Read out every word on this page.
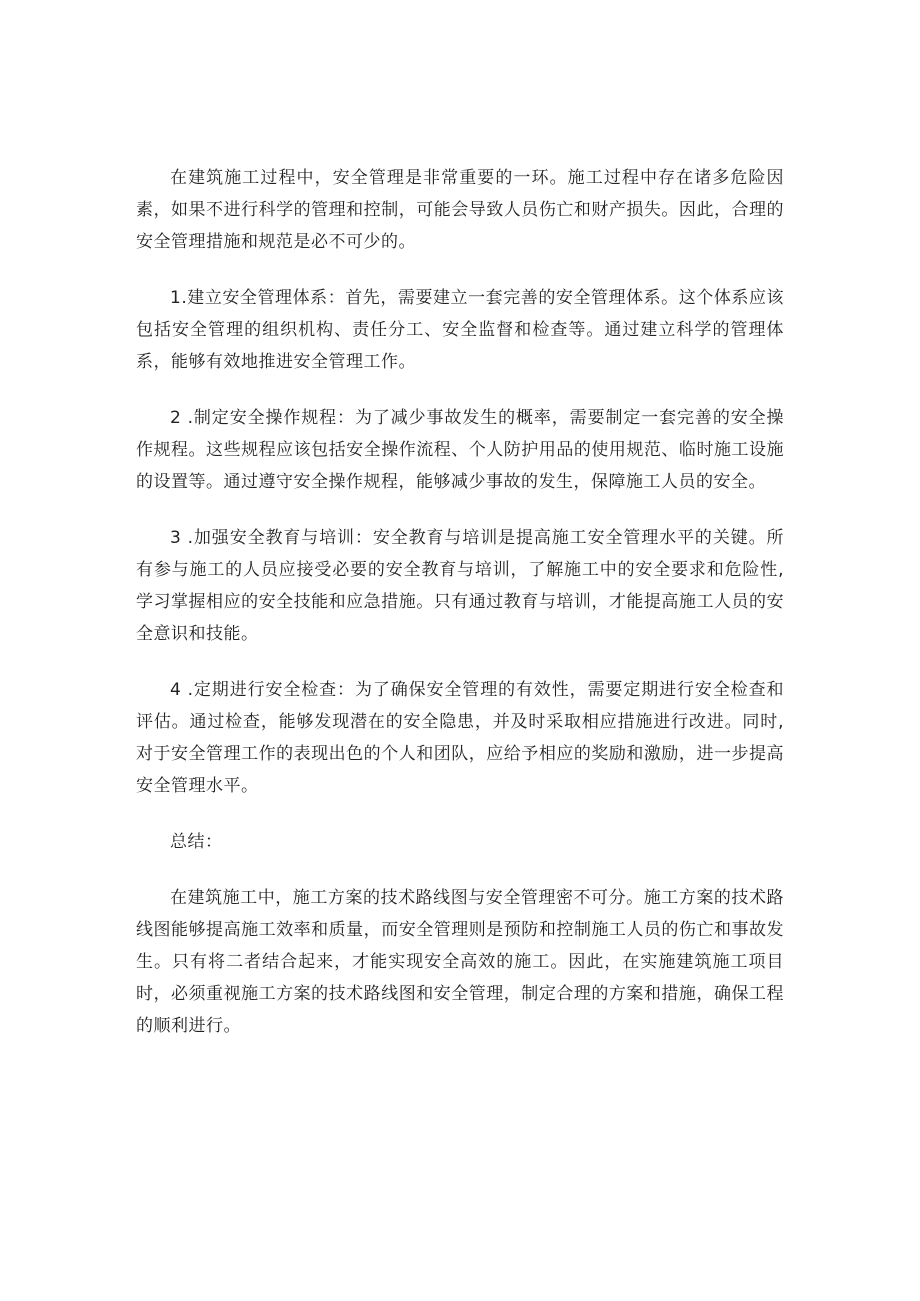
在建筑施工过程中，安全管理是非常重要的一环。施工过程中存在诸多危险因素，如果不进行科学的管理和控制，可能会导致人员伤亡和财产损失。因此，合理的安全管理措施和规范是必不可少的。

1.建立安全管理体系：首先，需要建立一套完善的安全管理体系。这个体系应该包括安全管理的组织机构、责任分工、安全监督和检查等。通过建立科学的管理体系，能够有效地推进安全管理工作。

2 .制定安全操作规程：为了减少事故发生的概率，需要制定一套完善的安全操作规程。这些规程应该包括安全操作流程、个人防护用品的使用规范、临时施工设施的设置等。通过遵守安全操作规程，能够减少事故的发生，保障施工人员的安全。

3 .加强安全教育与培训：安全教育与培训是提高施工安全管理水平的关键。所有参与施工的人员应接受必要的安全教育与培训，了解施工中的安全要求和危险性,学习掌握相应的安全技能和应急措施。只有通过教育与培训，才能提高施工人员的安全意识和技能。

4 .定期进行安全检查：为了确保安全管理的有效性，需要定期进行安全检查和评估。通过检查，能够发现潜在的安全隐患，并及时采取相应措施进行改进。同时,对于安全管理工作的表现出色的个人和团队，应给予相应的奖励和激励，进一步提高安全管理水平。

总结：

在建筑施工中，施工方案的技术路线图与安全管理密不可分。施工方案的技术路线图能够提高施工效率和质量，而安全管理则是预防和控制施工人员的伤亡和事故发生。只有将二者结合起来，才能实现安全高效的施工。因此，在实施建筑施工项目时，必须重视施工方案的技术路线图和安全管理，制定合理的方案和措施，确保工程的顺利进行。
